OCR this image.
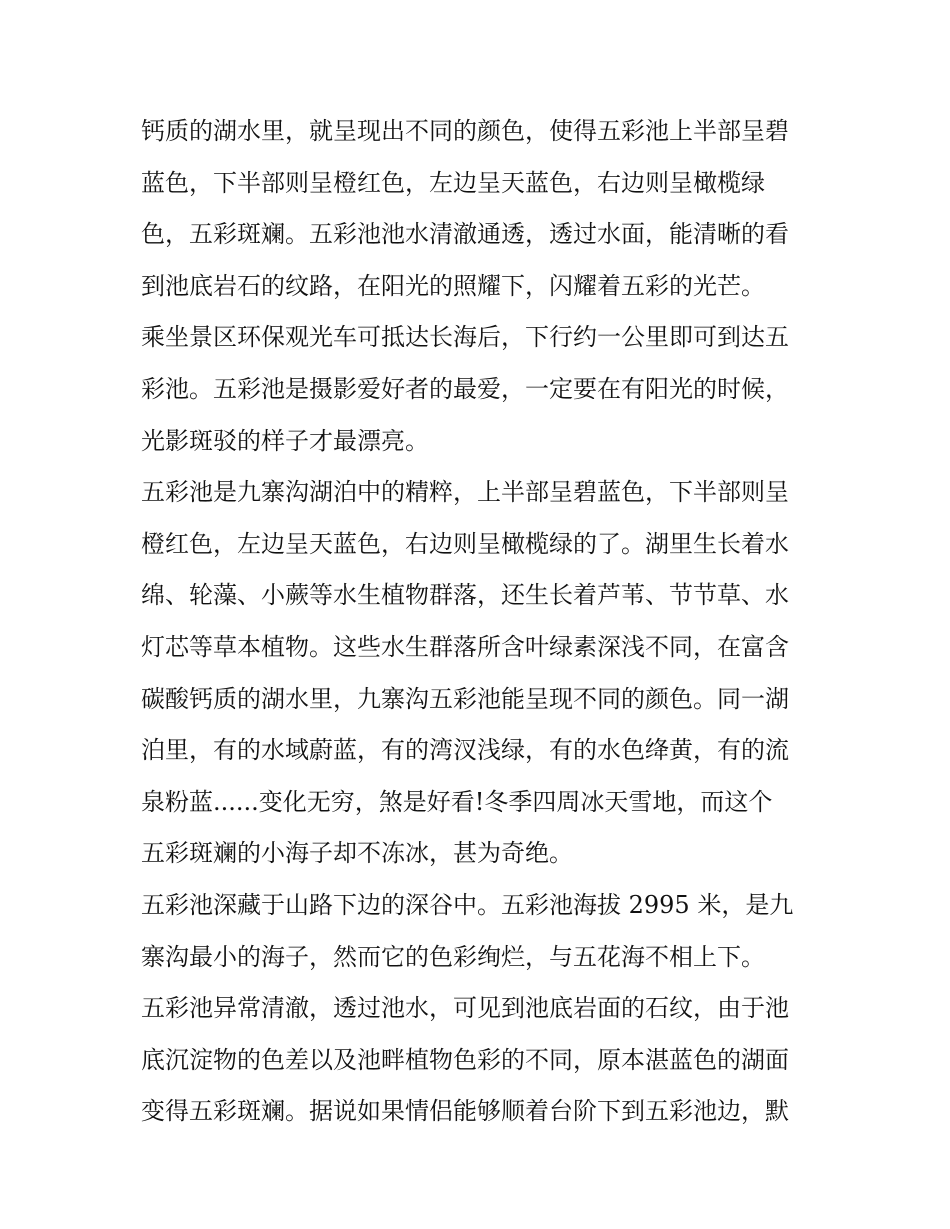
钙质的湖水里，就呈现出不同的颜色，使得五彩池上半部呈碧
蓝色，下半部则呈橙红色，左边呈天蓝色，右边则呈橄榄绿
色，五彩斑斓。五彩池池水清澈通透，透过水面，能清晰的看
到池底岩石的纹路，在阳光的照耀下，闪耀着五彩的光芒。
乘坐景区环保观光车可抵达长海后，下行约一公里即可到达五
彩池。五彩池是摄影爱好者的最爱，一定要在有阳光的时候，
光影斑驳的样子才最漂亮。
五彩池是九寨沟湖泊中的精粹，上半部呈碧蓝色，下半部则呈
橙红色，左边呈天蓝色，右边则呈橄榄绿的了。湖里生长着水
绵、轮藻、小蕨等水生植物群落，还生长着芦苇、节节草、水
灯芯等草本植物。这些水生群落所含叶绿素深浅不同，在富含
碳酸钙质的湖水里，九寨沟五彩池能呈现不同的颜色。同一湖
泊里，有的水域蔚蓝，有的湾汊浅绿，有的水色绛黄，有的流
泉粉蓝......变化无穷，煞是好看!冬季四周冰天雪地，而这个
五彩斑斓的小海子却不冻冰，甚为奇绝。
五彩池深藏于山路下边的深谷中。五彩池海拔 2995 米，是九
寨沟最小的海子，然而它的色彩绚烂，与五花海不相上下。
五彩池异常清澈，透过池水，可见到池底岩面的石纹，由于池
底沉淀物的色差以及池畔植物色彩的不同，原本湛蓝色的湖面
变得五彩斑斓。据说如果情侣能够顺着台阶下到五彩池边，默
